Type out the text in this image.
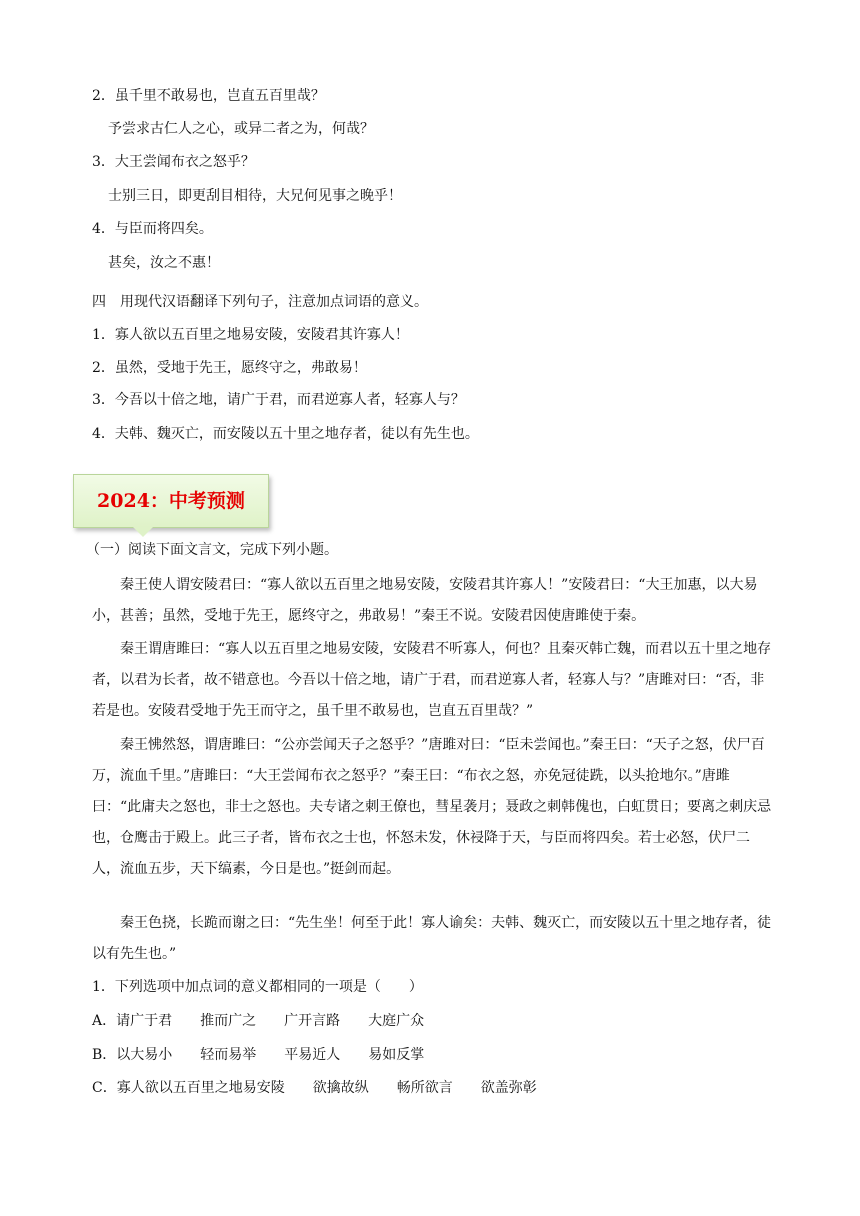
2．虽千里不敢易也，岂直五百里哉？
予尝求古仁人之心，或异二者之为，何哉？
3．大王尝闻布衣之怒乎？
士别三日，即更刮目相待，大兄何见事之晚乎！
4．与臣而将四矣。
甚矣，汝之不惠！
四　用现代汉语翻译下列句子，注意加点词语的意义。
1．寡人欲以五百里之地易安陵，安陵君其许寡人！
2．虽然，受地于先王，愿终守之，弗敢易！
3．今吾以十倍之地，请广于君，而君逆寡人者，轻寡人与？
4．夫韩、魏灭亡，而安陵以五十里之地存者，徒以有先生也。
2024：中考预测
（一）阅读下面文言文，完成下列小题。
秦王使人谓安陵君曰：“寡人欲以五百里之地易安陵，安陵君其许寡人！”安陵君曰：“大王加惠，以大易小，甚善；虽然，受地于先王，愿终守之，弗敢易！”秦王不说。安陵君因使唐雎使于秦。
秦王谓唐雎曰：“寡人以五百里之地易安陵，安陵君不听寡人，何也？且秦灭韩亡魏，而君以五十里之地存者，以君为长者，故不错意也。今吾以十倍之地，请广于君，而君逆寡人者，轻寡人与？”唐雎对曰：“否，非若是也。安陵君受地于先王而守之，虽千里不敢易也，岂直五百里哉？”
秦王怫然怒，谓唐雎曰：“公亦尝闻天子之怒乎？”唐雎对曰：“臣未尝闻也。”秦王曰：“天子之怒，伏尸百万，流血千里。”唐雎曰：“大王尝闻布衣之怒乎？”秦王曰：“布衣之怒，亦免冠徒跣，以头抢地尔。”唐雎曰：“此庸夫之怒也，非士之怒也。夫专诸之刺王僚也，彗星袭月；聂政之刺韩傀也，白虹贯日；要离之刺庆忌也，仓鹰击于殿上。此三子者，皆布衣之士也，怀怒未发，休祲降于天，与臣而将四矣。若士必怒，伏尸二人，流血五步，天下缟素，今日是也。”挺剑而起。
秦王色挠，长跪而谢之曰：“先生坐！何至于此！寡人谕矣：夫韩、魏灭亡，而安陵以五十里之地存者，徒以有先生也。”
1．下列选项中加点词的意义都相同的一项是（　　）
A．请广于君　　推而广之　　广开言路　　大庭广众
B．以大易小　　轻而易举　　平易近人　　易如反掌
C．寡人欲以五百里之地易安陵　　欲擒故纵　　畅所欲言　　欲盖弥彰
